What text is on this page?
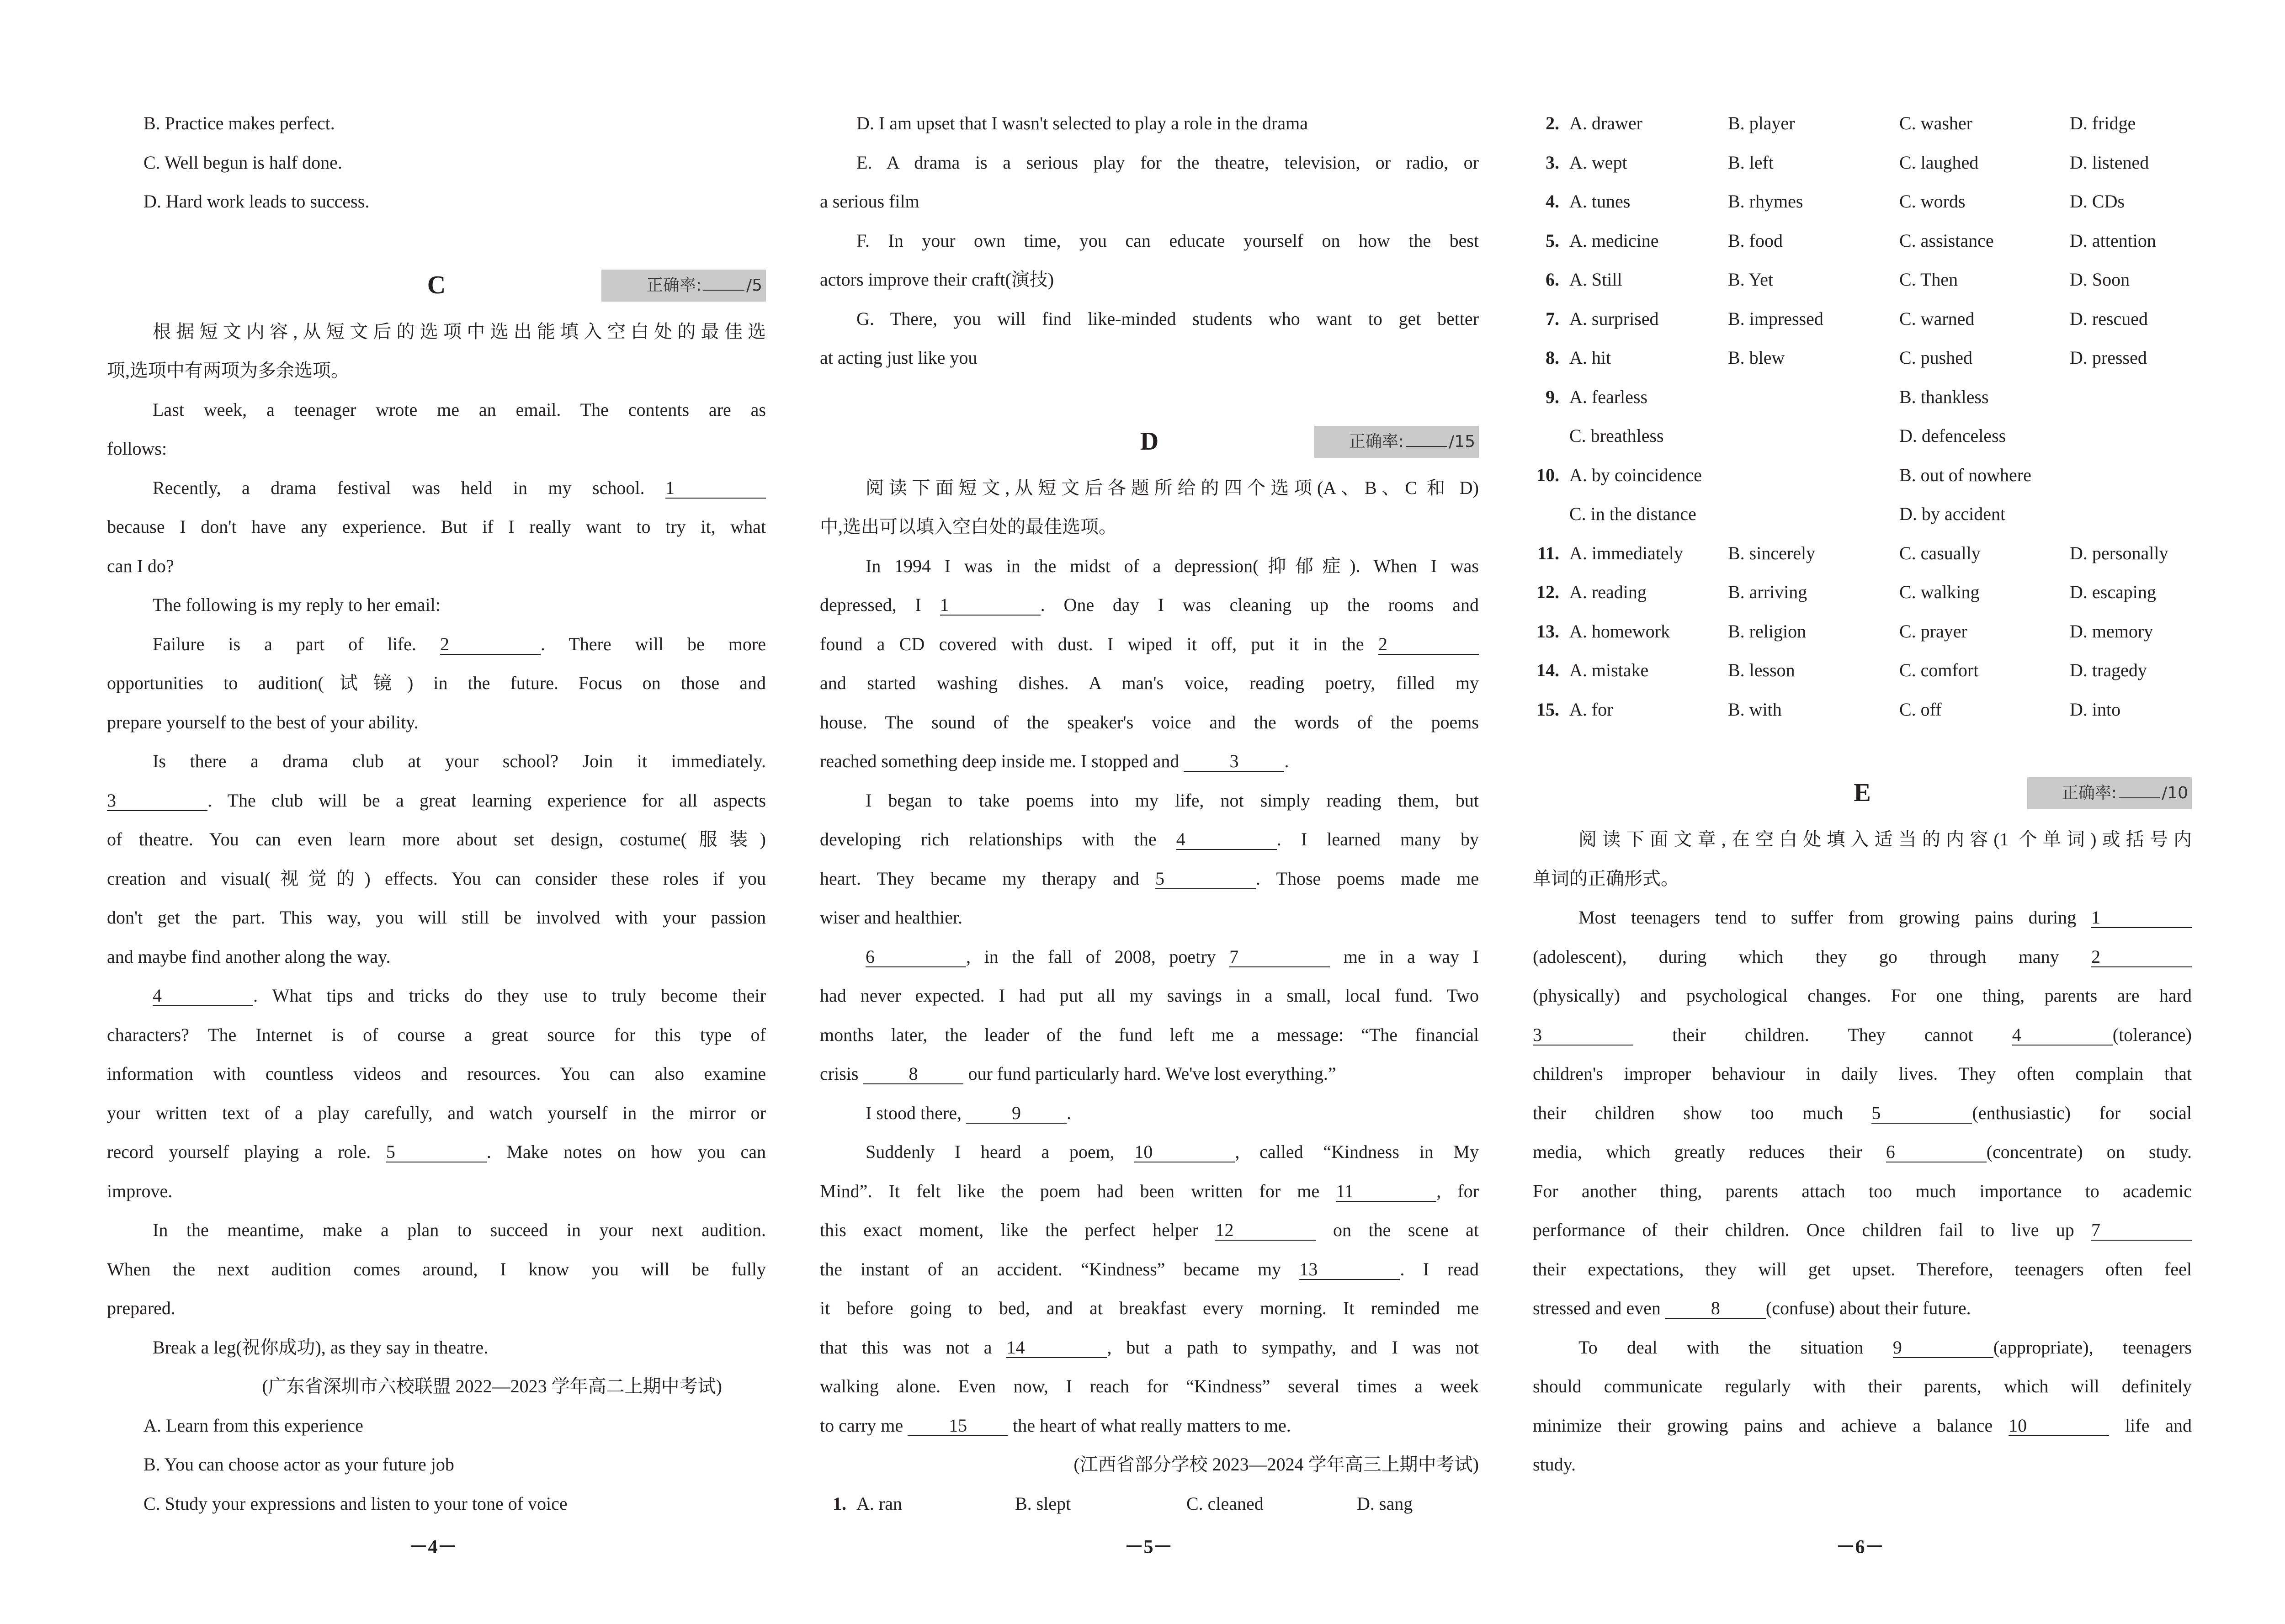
B. Practice makes perfect.
C. Well begun is half done.
D. Hard work leads to success.
C	正确率:	/5
根据短文内容,从短文后的选项中选出能填入空白处的最佳选
项,选项中有两项为多余选项。
Last week, a teenager wrote me an email. The contents are as
follows:
Recently, a drama festival was held in my school. 1
because I don't have any experience. But if I really want to try it, what
can I do?
The following is my reply to her email:
Failure is a part of life. 2	. There will be more
opportunities to audition(试镜) in the future. Focus on those and
prepare yourself to the best of your ability.
Is there a drama club at your school? Join it immediately.
3	. The club will be a great learning experience for all aspects
of theatre. You can even learn more about set design, costume(服装)
creation and visual(视觉的) effects. You can consider these roles if you
don't get the part. This way, you will still be involved with your passion
and maybe find another along the way.
4	. What tips and tricks do they use to truly become their
characters? The Internet is of course a great source for this type of
information with countless videos and resources. You can also examine
your written text of a play carefully, and watch yourself in the mirror or
record yourself playing a role. 5	. Make notes on how you can
improve.
In the meantime, make a plan to succeed in your next audition.
When the next audition comes around, I know you will be fully
prepared.
Break a leg(祝你成功), as they say in theatre.
(广东省深圳市六校联盟 2022—2023 学年高二上期中考试)
A. Learn from this experience
B. You can choose actor as your future job
C. Study your expressions and listen to your tone of voice
D. I am upset that I wasn't selected to play a role in the drama
E. A drama is a serious play for the theatre, television, or radio, or
a serious film
F. In your own time, you can educate yourself on how the best
actors improve their craft(演技)
G. There, you will find like-minded students who want to get better
at acting just like you
D	正确率:	/15
阅读下面短文,从短文后各题所给的四个选项(A、B、C 和 D)
中,选出可以填入空白处的最佳选项。
In 1994 I was in the midst of a depression(抑郁症). When I was
depressed, I 1	. One day I was cleaning up the rooms and
found a CD covered with dust. I wiped it off, put it in the 2
and started washing dishes. A man's voice, reading poetry, filled my
house. The sound of the speaker's voice and the words of the poems
reached something deep inside me. I stopped and	3	.
I began to take poems into my life, not simply reading them, but
developing rich relationships with the 4	. I learned many by
heart. They became my therapy and 5	. Those poems made me
wiser and healthier.
6	, in the fall of 2008, poetry 7	me in a way I
had never expected. I had put all my savings in a small, local fund. Two
months later, the leader of the fund left me a message: “The financial
crisis	8	our fund particularly hard. We've lost everything.”
I stood there,	9	.
Suddenly I heard a poem, 10	, called “Kindness in My
Mind”. It felt like the poem had been written for me 11	, for
this exact moment, like the perfect helper 12	on the scene at
the instant of an accident. “Kindness” became my 13	. I read
it before going to bed, and at breakfast every morning. It reminded me
that this was not a 14	, but a path to sympathy, and I was not
walking alone. Even now, I reach for “Kindness” several times a week
to carry me 15 the heart of what really matters to me.
(江西省部分学校 2023—2024 学年高三上期中考试)
1. A. ran	B. slept	C. cleaned	D. sang
2. A. drawer	B. player	C. washer	D. fridge
3. A. wept	B. left	C. laughed	D. listened
4. A. tunes	B. rhymes	C. words	D. CDs
5. A. medicine	B. food	C. assistance	D. attention
6. A. Still	B. Yet	C. Then	D. Soon
7. A. surprised	B. impressed	C. warned	D. rescued
8. A. hit	B. blew	C. pushed	D. pressed
9. A. fearless	B. thankless
C. breathless	D. defenceless
10. A. by coincidence	B. out of nowhere
C. in the distance	D. by accident
11. A. immediately B. sincerely	C. casually	D. personally
12. A. reading	B. arriving	C. walking	D. escaping
13. A. homework	B. religion	C. prayer	D. memory
14. A. mistake	B. lesson	C. comfort	D. tragedy
15. A. for	B. with	C. off	D. into
E	正确率:	/10
阅读下面文章,在空白处填入适当的内容(1 个单词)或括号内
单词的正确形式。
Most teenagers tend to suffer from growing pains during 1
(adolescent), during which they go through many 2
(physically) and psychological changes. For one thing, parents are hard
3	their children. They cannot 4	(tolerance)
children's improper behaviour in daily lives. They often complain that
their children show too much 5	(enthusiastic) for social
media, which greatly reduces their 6	(concentrate) on study.
For another thing, parents attach too much importance to academic
performance of their children. Once children fail to live up 7
their expectations, they will get upset. Therefore, teenagers often feel
stressed and even	8	(confuse) about their future.
To deal with the situation 9	(appropriate), teenagers
should communicate regularly with their parents, which will definitely
minimize their growing pains and achieve a balance 10	life and
study.
－4－	－5－	－6－
